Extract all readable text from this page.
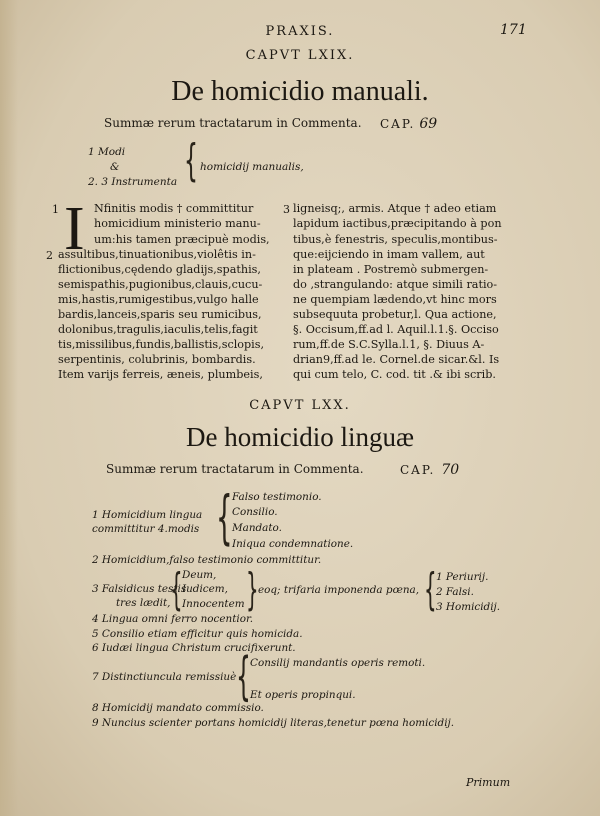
PRAXIS.	171
CAPVT LXIX.
De homicidio manuali.
Summæ rerum tractatarum in Commenta. CAP. 69
1 Modi
&
2. 3 Instrumenta { homicidij manualis,
I
1
2
3
Nfinitis modis † committitur
homicidium ministerio manu-
um:his tamen præcipuè modis,
assultibus,tinuationibus,violêtis in-
flictionibus,cędendo gladijs,spathis,
semispathis,pugionibus,clauis,cucu-
mis,hastis,rumigestibus,vulgo halle
bardis,lanceis,sparis seu rumicibus,
dolonibus,tragulis,iaculis,telis,fagit
tis,missilibus,fundis,ballistis,sclopis,
serpentinis, colubrinis, bombardis.
Item varijs ferreis, æneis, plumbeis,
ligneisq;, armis. Atque † adeo etiam
lapidum iactibus,præcipitando à pon
tibus,è fenestris, speculis,montibus-
que:eijciendo in imam vallem, aut
in plateam . Postremò submergen-
do ,strangulando: atque simili ratio-
ne quempiam lædendo,vt hinc mors
subsequuta probetur,l. Qua actione,
§. Occisum,ff.ad l. Aquil.l.1.§. Occiso
rum,ff.de S.C.Sylla.l.1, §. Diuus A-
drian9,ff.ad le. Cornel.de sicar.&l. Is
qui cum telo, C. cod. tit .& ibi scrib.
CAPVT LXX.
De homicidio linguæ
Summæ rerum tractatarum in Commenta.	CAP. 70
1 Homicidium lingua
committitur 4.modis { Falso testimonio.
Consilio.
Mandato.
Iniqua condemnatione.
2 Homicidium,falso testimonio committitur.
3 Falsidicus testis
tres lædit, { Deum,
Iudicem,
Innocentem } eoq; trifaria imponenda pœna, { 1 Periurij.
2 Falsi.
3 Homicidij.
4 Lingua omni ferro nocentior.
5 Consilio etiam efficitur quis homicida.
6 Iudæi lingua Christum crucifixerunt.
7 Distinctiuncula remissiuè { Consilij mandantis operis remoti.
Et operis propinqui.
8 Homicidij mandato commissio.
9 Nuncius scienter portans homicidij literas,tenetur pœna homicidij.
Primum
